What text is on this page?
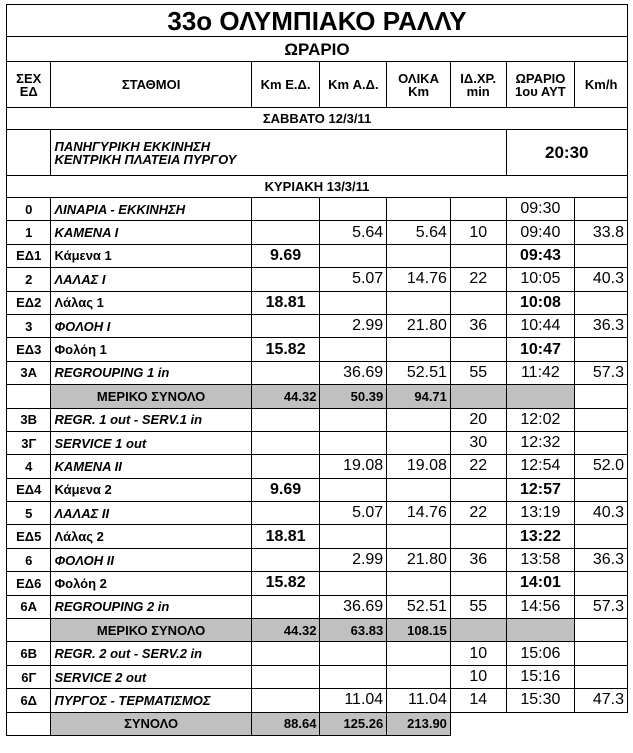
33o ΟΛΥΜΠΙΑΚΟ ΡΑΛΛΥ							
ΩΡΑΡΙΟ							
ΣΕΧ ΕΔ	ΣΤΑΘΜΟΙ	Km Ε.Δ.	Km Α.Δ.	ΟΛΙΚΑ Km	ΙΔ.ΧΡ. min	ΩΡΑΡΙΟ 1ου ΑΥΤ	Km/h
ΣΑΒΒΑΤΟ 12/3/11							

	ΠΑΝΗΓΥΡΙΚΗ ΕΚΚΙΝΗΣΗ
ΚΕΝΤΡΙΚΗ ΠΛΑΤΕΙΑ ΠΥΡΓΟΥ					20:30	
ΚΥΡΙΑΚΗ 13/3/11							
0	ΛΙΝΑΡΙΑ - ΕΚΚΙΝΗΣΗ					09:30	
1	ΚΑΜΕΝΑ Ι		5.64	5.64	10	09:40	33.8
ΕΔ1	Κάμενα 1	9.69				09:43	
2	ΛΑΛΑΣ Ι		5.07	14.76	22	10:05	40.3
ΕΔ2	Λάλας 1	18.81				10:08	
3	ΦΟΛΟΗ Ι		2.99	21.80	36	10:44	36.3
ΕΔ3	Φολόη 1	15.82				10:47	
3Α	REGROUPING 1 in		36.69	52.51	55	11:42	57.3
	ΜΕΡΙΚΟ ΣΥΝΟΛΟ	44.32	50.39	94.71			
3Β	REGR. 1 out - SERV.1 in				20	12:02	
3Γ	SERVICE 1 out				30	12:32	
4	ΚΑΜΕΝΑ ΙΙ		19.08	19.08	22	12:54	52.0
ΕΔ4	Κάμενα 2	9.69				12:57	
5	ΛΑΛΑΣ ΙΙ		5.07	14.76	22	13:19	40.3
ΕΔ5	Λάλας 2	18.81				13:22	
6	ΦΟΛΟΗ ΙΙ		2.99	21.80	36	13:58	36.3
ΕΔ6	Φολόη 2	15.82				14:01	
6Α	REGROUPING 2 in		36.69	52.51	55	14:56	57.3
	ΜΕΡΙΚΟ ΣΥΝΟΛΟ	44.32	63.83	108.15			
6Β	REGR. 2 out - SERV.2 in				10	15:06	
6Γ	SERVICE 2 out				10	15:16	
6Δ	ΠΥΡΓΟΣ - ΤΕΡΜΑΤΙΣΜΟΣ		11.04	11.04	14	15:30	47.3
	ΣΥΝΟΛΟ	88.64	125.26	213.90			
